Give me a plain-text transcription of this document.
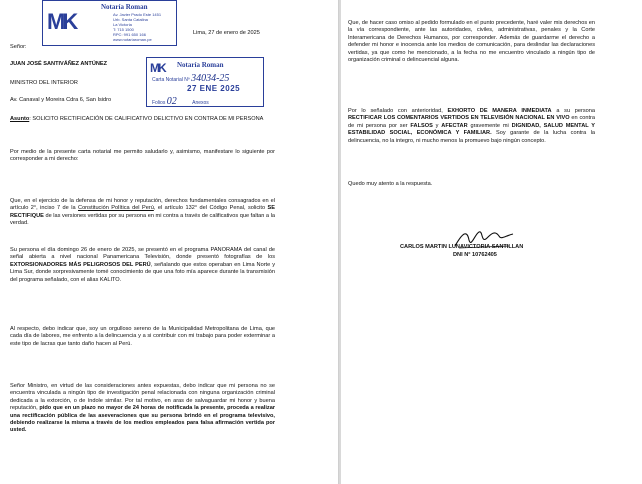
MK
Notaría Roman
Av. Javier Prado Este 1451
Urb. Santa Catalina
La Victoria
T: 715 1500
RPC: 991 650 166
www.notariaroman.pe

Lima, 27 de enero de 2025

Señor:

JUAN JOSÉ SANTIVÁÑEZ ANTÚNEZ

MINISTRO DEL INTERIOR

Av. Canaval y Moreira Cdra 6, San Isidro

MK Notaría Roman
Carta Notarial Nº 34034-25
27 ENE 2025
Folios 02	Anexos

Asunto: SOLICITO RECTIFICACIÓN DE CALIFICATIVO DELICTIVO EN CONTRA DE MI PERSONA

Por medio de la presente carta notarial me permito saludarlo y, asimismo, manifestare lo siguiente por corresponder a mi derecho:

Que, en el ejercicio de la defensa de mi honor y reputación, derechos fundamentales consagrados en el artículo 2°, inciso 7 de la Constitución Política del Perú, el artículo 132° del Código Penal, solicito SE RECTIFIQUE de las versiones vertidas por su persona en mi contra a través de calificativos que faltan a la verdad.

Su persona el día domingo 26 de enero de 2025, se presentó en el programa PANORAMA del canal de señal abierta a nivel nacional Panamericana Televisión, donde presentó fotografías de los EXTORSIONADORES MÁS PELIGROSOS DEL PERÚ, señalando que estos operaban en Lima Norte y Lima Sur, donde sorpresivamente tomé conocimiento de que una foto mía aparece durante la transmisión del programa señalado, con el alias KALITO.

Al respecto, debo indicar que, soy un orgulloso sereno de la Municipalidad Metropolitana de Lima, que cada día de labores, me enfrento a la delincuencia y a si contribuir con mi trabajo para poder exterminar a este tipo de lacras que tanto daño hacen al Perú.

Señor Ministro, en virtud de las consideraciones antes expuestas, debo indicar que mi persona no se encuentra vinculada a ningún tipo de investigación penal relacionada con ninguna organización criminal dedicada a la extorción, o de índole similar. Por tal motivo, en aras de salvaguardar mi honor y buena reputación, pido que en un plazo no mayor de 24 horas de notificada la presente, proceda a realizar una rectificación pública de las aseveraciones que su persona brindó en el programa televisivo, debiendo realizarse la misma a través de los medios empleados para falsa afirmación vertida por usted.

Que, de hacer caso omiso al pedido formulado en el punto precedente, haré valer mis derechos en la vía correspondiente, ante las autoridades, civiles, administrativas, penales y la Corte Interamericana de Derechos Humanos, por corresponder. Además de guardarme el derecho a defender mi honor e inocencia ante los medios de comunicación, para deslindar las declaraciones vertidas, ya que como he mencionado, a la fecha no me encuentro vinculado a ningún tipo de organización criminal o delincuencial alguna.

Por lo señalado con anterioridad, EXHORTO DE MANERA INMEDIATA a su persona RECTIFICAR LOS COMENTARIOS VERTIDOS EN TELEVISIÓN NACIONAL EN VIVO en contra de mi persona por ser FALSOS y AFECTAR gravemente mi DIGNIDAD, SALUD MENTAL Y ESTABILIDAD SOCIAL, ECONÓMICA Y FAMILIAR. Soy garante de la lucha contra la delincuencia, no la integro, ni mucho menos la promuevo bajo ningún concepto.

Quedo muy atento a la respuesta.

CARLOS MARTIN LUNAVICTORIA SANTILLAN

DNI N° 10762405
